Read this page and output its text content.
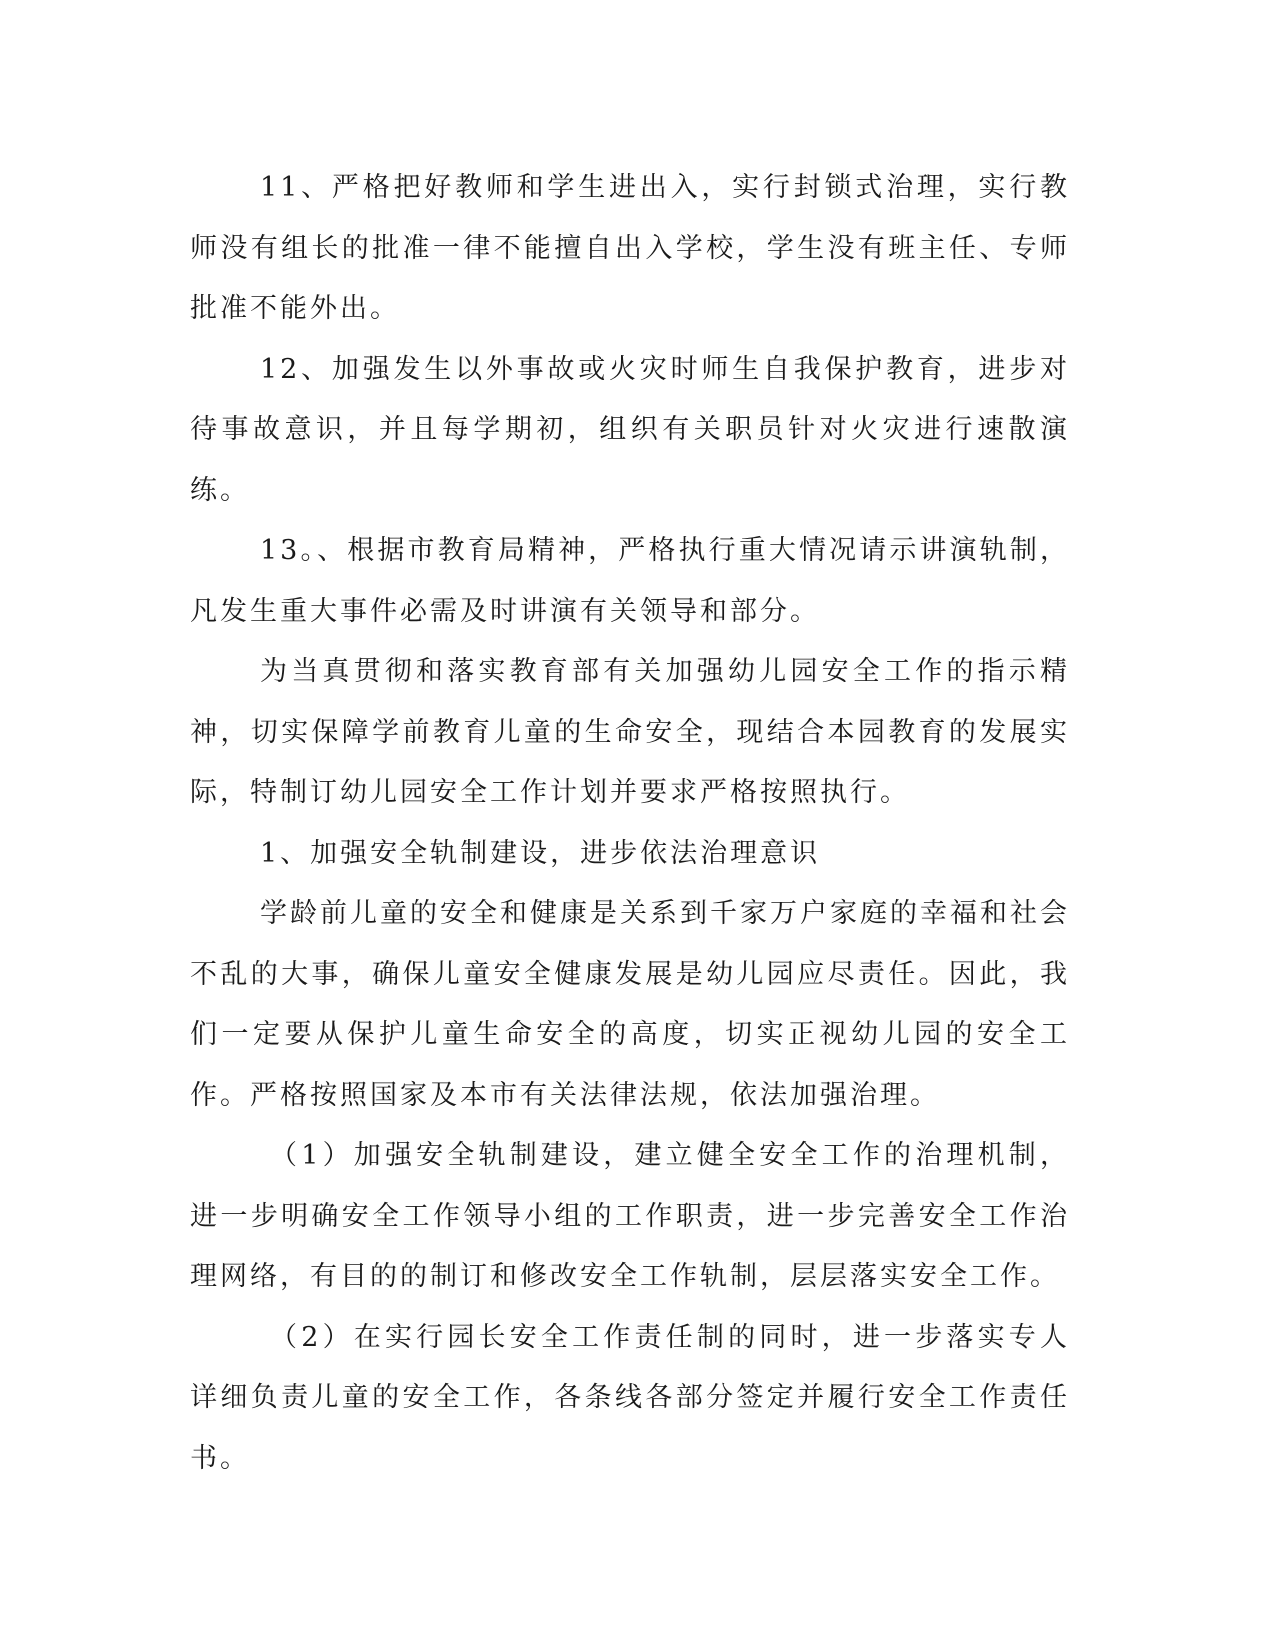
11、严格把好教师和学生进出入，实行封锁式治理，实行教师没有组长的批准一律不能擅自出入学校，学生没有班主任、专师批准不能外出。

12、加强发生以外事故或火灾时师生自我保护教育，进步对待事故意识，并且每学期初，组织有关职员针对火灾进行速散演练。

13。、根据市教育局精神，严格执行重大情况请示讲演轨制，凡发生重大事件必需及时讲演有关领导和部分。

为当真贯彻和落实教育部有关加强幼儿园安全工作的指示精神，切实保障学前教育儿童的生命安全，现结合本园教育的发展实际，特制订幼儿园安全工作计划并要求严格按照执行。

1、加强安全轨制建设，进步依法治理意识

学龄前儿童的安全和健康是关系到千家万户家庭的幸福和社会不乱的大事，确保儿童安全健康发展是幼儿园应尽责任。因此，我们一定要从保护儿童生命安全的高度，切实正视幼儿园的安全工作。严格按照国家及本市有关法律法规，依法加强治理。

（1）加强安全轨制建设，建立健全安全工作的治理机制，进一步明确安全工作领导小组的工作职责，进一步完善安全工作治理网络，有目的的制订和修改安全工作轨制，层层落实安全工作。

（2）在实行园长安全工作责任制的同时，进一步落实专人详细负责儿童的安全工作，各条线各部分签定并履行安全工作责任书。
